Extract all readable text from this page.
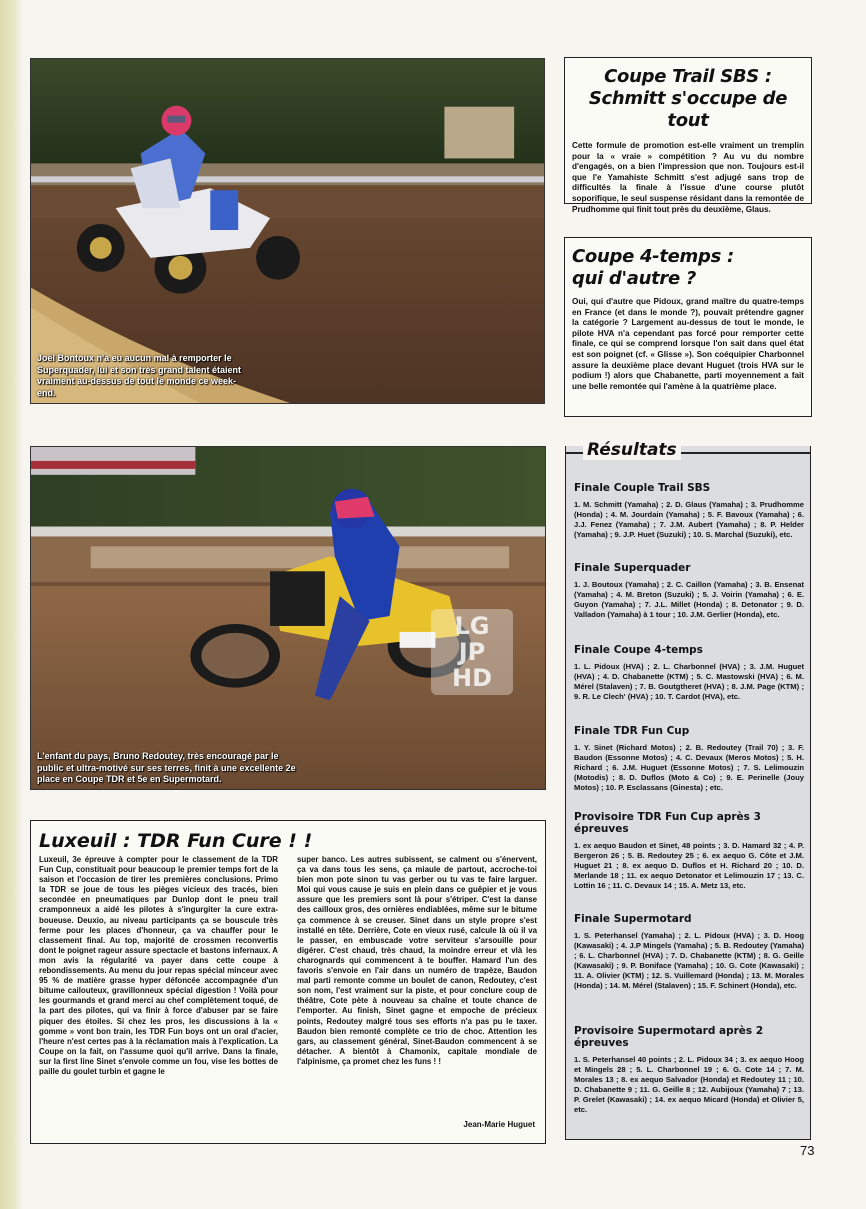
Joël Bontoux n'a eu aucun mal à remporter le Superquader, lui et son très grand talent étaient vraiment au-dessus de tout le monde ce week-end.
Coupe Trail SBS :
Schmitt s'occupe de tout

Cette formule de promotion est-elle vraiment un tremplin pour la « vraie » compétition ? Au vu du nombre d'engagés, on a bien l'impression que non. Toujours est-il que l'e Yamahiste Schmitt s'est adjugé sans trop de difficultés la finale à l'issue d'une course plutôt soporifique, le seul suspense résidant dans la remontée de Prudhomme qui finit tout près du deuxième, Glaus.

Coupe 4-temps :
qui d'autre ?

Oui, qui d'autre que Pidoux, grand maître du quatre-temps en France (et dans le monde ?), pouvait prétendre gagner la catégorie ? Largement au-dessus de tout le monde, le pilote HVA n'a cependant pas forcé pour remporter cette finale, ce qui se comprend lorsque l'on sait dans quel état est son poignet (cf. « Glisse »). Son coéquipier Charbonnel assure la deuxième place devant Huguet (trois HVA sur le podium !) alors que Chabanette, parti moyennement a fait une belle remontée qui l'amène à la quatrième place.

LG
JP
HD
L'enfant du pays, Bruno Redoutey, très encouragé par le public et ultra-motivé sur ses terres, finit à une excellente 2e place en Coupe TDR et 5e en Supermotard.
Luxeuil : TDR Fun Cure ! !

Luxeuil, 3e épreuve à compter pour le classement de la TDR Fun Cup, constituait pour beaucoup le premier temps fort de la saison et l'occasion de tirer les premières conclusions. Primo la TDR se joue de tous les pièges vicieux des tracés, bien secondée en pneumatiques par Dunlop dont le pneu trail cramponneux a aidé les pilotes à s'ingurgiter la cure extra-boueuse. Deuxio, au niveau participants ça se bouscule très ferme pour les places d'honneur, ça va chauffer pour le classement final. Au top, majorité de crossmen reconvertis dont le poignet rageur assure spectacle et bastons infernaux. A mon avis la régularité va payer dans cette coupe à rebondissements. Au menu du jour repas spécial minceur avec 95 % de matière grasse hyper défoncée accompagnée d'un bitume cailouteux, gravillonneux spécial digestion ! Voilà pour les gourmands et grand merci au chef complètement toqué, de la part des pilotes, qui va finir à force d'abuser par se faire piquer des étoiles. Si chez les pros, les discussions à la « gomme » vont bon train, les TDR Fun boys ont un oral d'acier, l'heure n'est certes pas à la réclamation mais à l'explication. La Coupe on la fait, on l'assume quoi qu'il arrive. Dans la finale, sur la first line Sinet s'envole comme un fou, vise les bottes de paille du goulet turbin et gagne le

super banco. Les autres subissent, se calment ou s'énervent, ça va dans tous les sens, ça miaule de partout, accroche-toi bien mon pote sinon tu vas gerber ou tu vas te faire larguer. Moi qui vous cause je suis en plein dans ce guêpier et je vous assure que les premiers sont là pour s'étriper. C'est la danse des cailloux gros, des ornières endiablées, même sur le bitume ça commence à se creuser. Sinet dans un style propre s'est installé en tête. Derrière, Cote en vieux rusé, calcule là où il va le passer, en embuscade votre serviteur s'arsouille pour digérer. C'est chaud, très chaud, la moindre erreur et vlà les charognards qui commencent à te bouffer. Hamard l'un des favoris s'envoie en l'air dans un numéro de trapèze, Baudon mal parti remonte comme un boulet de canon, Redoutey, c'est son nom, l'est vraiment sur la piste, et pour conclure coup de théâtre, Cote pète à nouveau sa chaîne et toute chance de l'emporter. Au finish, Sinet gagne et empoche de précieux points, Redoutey malgré tous ses efforts n'a pas pu le taxer. Baudon bien remonté complète ce trio de choc. Attention les gars, au classement général, Sinet-Baudon commencent à se détacher. A bientôt à Chamonix, capitale mondiale de l'alpinisme, ça promet chez les funs ! !

Jean-Marie Huguet
Finale Couple Trail SBS

1. M. Schmitt (Yamaha) ; 2. D. Glaus (Yamaha) ; 3. Prudhomme (Honda) ; 4. M. Jourdain (Yamaha) ; 5. F. Bavoux (Yamaha) ; 6. J.J. Fenez (Yamaha) ; 7. J.M. Aubert (Yamaha) ; 8. P. Helder (Yamaha) ; 9. J.P. Huet (Suzuki) ; 10. S. Marchal (Suzuki), etc.

Finale Superquader

1. J. Boutoux (Yamaha) ; 2. C. Caillon (Yamaha) ; 3. B. Ensenat (Yamaha) ; 4. M. Breton (Suzuki) ; 5. J. Voirin (Yamaha) ; 6. E. Guyon (Yamaha) ; 7. J.L. Millet (Honda) ; 8. Detonator ; 9. D. Valladon (Yamaha) à 1 tour ; 10. J.M. Gerlier (Honda), etc.

Finale Coupe 4-temps

1. L. Pidoux (HVA) ; 2. L. Charbonnel (HVA) ; 3. J.M. Huguet (HVA) ; 4. D. Chabanette (KTM) ; 5. C. Mastowski (HVA) ; 6. M. Mérel (Stalaven) ; 7. B. Goutgtheret (HVA) ; 8. J.M. Page (KTM) ; 9. R. Le Clech' (HVA) ; 10. T. Cardot (HVA), etc.

Finale TDR Fun Cup

1. Y. Sinet (Richard Motos) ; 2. B. Redoutey (Trail 70) ; 3. F. Baudon (Essonne Motos) ; 4. C. Devaux (Meros Motos) ; 5. H. Richard ; 6. J.M. Huguet (Essonne Motos) ; 7. S. Lelimouzin (Motodis) ; 8. D. Duflos (Moto & Co) ; 9. E. Perinelle (Jouy Motos) ; 10. P. Esclassans (Ginesta) ; etc.

Provisoire TDR Fun Cup après 3 épreuves

1. ex aequo Baudon et Sinet, 48 points ; 3. D. Hamard 32 ; 4. P. Bergeron 26 ; 5. B. Redoutey 25 ; 6. ex aequo G. Côte et J.M. Huguet 21 ; 8. ex aequo D. Duflos et H. Richard 20 ; 10. D. Merlande 18 ; 11. ex aequo Detonator et Lelimouzin 17 ; 13. C. Lottin 16 ; 11. C. Devaux 14 ; 15. A. Metz 13, etc.

Finale Supermotard

1. S. Peterhansel (Yamaha) ; 2. L. Pidoux (HVA) ; 3. D. Hoog (Kawasaki) ; 4. J.P Mingels (Yamaha) ; 5. B. Redoutey (Yamaha) ; 6. L. Charbonnel (HVA) ; 7. D. Chabanette (KTM) ; 8. G. Geille (Kawasaki) ; 9. P. Boniface (Yamaha) ; 10. G. Cote (Kawasaki) ; 11. A. Olivier (KTM) ; 12. S. Vuillemard (Honda) ; 13. M. Morales (Honda) ; 14. M. Mérel (Stalaven) ; 15. F. Schinert (Honda), etc.

Provisoire Supermotard après 2 épreuves

1. S. Peterhansel 40 points ; 2. L. Pidoux 34 ; 3. ex aequo Hoog et Mingels 28 ; 5. L. Charbonnel 19 ; 6. G. Cote 14 ; 7. M. Morales 13 ; 8. ex aequo Salvador (Honda) et Redoutey 11 ; 10. D. Chabanette 9 ; 11. G. Geille 8 ; 12. Aubijoux (Yamaha) 7 ; 13. P. Grelet (Kawasaki) ; 14. ex aequo Micard (Honda) et Olivier 5, etc.

Résultats
73
